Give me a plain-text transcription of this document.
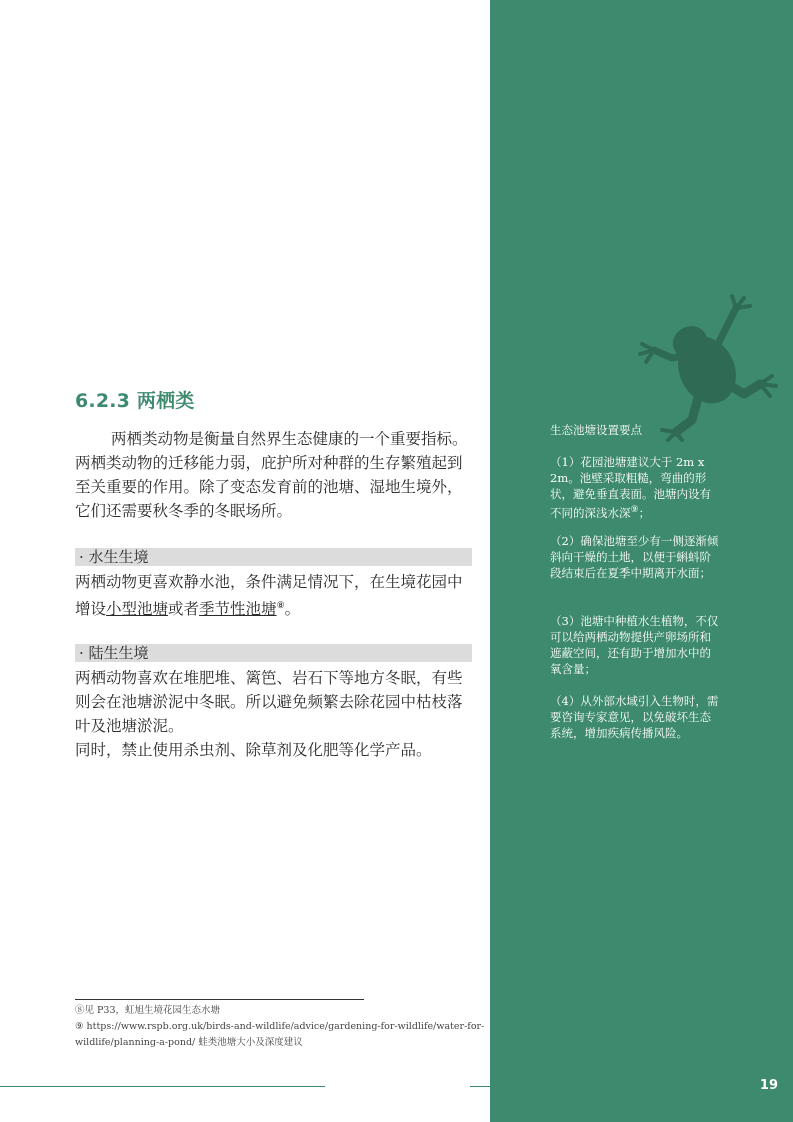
6.2.3 两栖类

两栖类动物是衡量自然界生态健康的一个重要指标。两栖类动物的迁移能力弱，庇护所对种群的生存繁殖起到至关重要的作用。除了变态发育前的池塘、湿地生境外，它们还需要秋冬季的冬眠场所。

· 水生生境

两栖动物更喜欢静水池，条件满足情况下，在生境花园中增设小型池塘或者季节性池塘⑧。

· 陆生生境

两栖动物喜欢在堆肥堆、篱笆、岩石下等地方冬眠，有些则会在池塘淤泥中冬眠。所以避免频繁去除花园中枯枝落叶及池塘淤泥。
同时，禁止使用杀虫剂、除草剂及化肥等化学产品。

生态池塘设置要点

（1）花园池塘建议大于 2m x 2m。池壁采取粗糙，弯曲的形状，避免垂直表面。池塘内设有不同的深浅水深⑨；

（2）确保池塘至少有一侧逐渐倾斜向干燥的土地，以便于蝌蚪阶段结束后在夏季中期离开水面；

（3）池塘中种植水生植物，不仅可以给两栖动物提供产卵场所和遮蔽空间，还有助于增加水中的氧含量；

（4）从外部水域引入生物时，需要咨询专家意见，以免破坏生态系统，增加疾病传播风险。

⑧见 P33，虹旭生境花园生态水塘

⑨ https://www.rspb.org.uk/birds-and-wildlife/advice/gardening-for-wildlife/water-for-wildlife/planning-a-pond/ 蛙类池塘大小及深度建议

19
